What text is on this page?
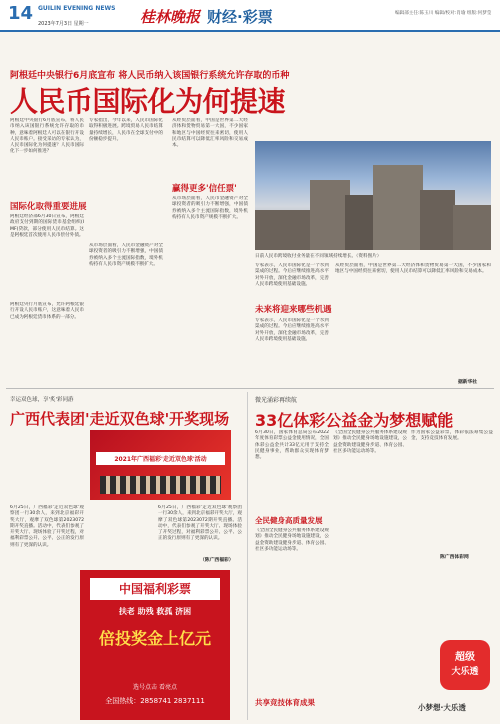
14 GUILIN EVENING NEWS
2023年7月3日 星期一	桂林晚报 财经·彩票	编辑部主任:陈玉川 编辑/校对:肖瑜 组版:何梦莹
阿根廷中央银行6月底宣布 将人民币纳入该国银行系统允许存取的币种
人民币国际化为何提速
阿根廷中央银行6月底宣布，将人民币纳入该国银行系统允许存取的币种，意味着阿根廷人可以在银行开设人民币账户。接受采访的专家认为，人民币国际化为何提速？人民币国际化下一步如何推进？
国际化取得重要进展
阿根廷经济部6月30日宣布，阿根廷政府支付到期的国际货币基金组织(IMF)贷款，部分使用人民币结算。这是阿根廷首次使用人民币偿付外债。
阿根廷央行月底宣布，允许阿根廷银行开设人民币账户，这意味着人民币已成为阿根廷货币体系的一部分。
专家指出，今年以来，人民币国际化取得积极进展。跨境贸易人民币结算量持续增长，人民币在全球支付中的份额稳步提升。
从市场层面看，人民币金融资产对全球投资者的吸引力不断增强，中国债券被纳入多个主流国际指数，境外机构持有人民币资产规模不断扩大。
从经贸层面看，中国是世界第二大经济体和货物贸易第一大国，不少国家和地区与中国经贸往来密切，使用人民币结算可以降低汇率风险和交易成本。
赢得更多'信任票'
从市场层面看，人民币金融资产对全球投资者的吸引力不断增强，中国债券被纳入多个主流国际指数，境外机构持有人民币资产规模不断扩大。
日前人民币跨境收付业务量在不同领域持续增长。（资料图片）
专家表示，人民币国际化是一个水到渠成的过程。今后应继续推进高水平对外开放，深化金融市场改革，完善人民币跨境使用基础设施。
未来将迎来哪些机遇
专家表示，人民币国际化是一个水到渠成的过程。今后应继续推进高水平对外开放，深化金融市场改革，完善人民币跨境使用基础设施。
从经贸层面看，中国是世界第二大经济体和货物贸易第一大国，不少国家和地区与中国经贸往来密切，使用人民币结算可以降低汇率风险和交易成本。
据新华社
幸运双色球，享'炙'彩同游
广西代表团'走近双色球'开奖现场
2021年广西福彩'走近双色球'活动
6月25日，广西福彩'走近双色球'观察团一行30余人，来到北京福彩开奖大厅，观摩了双色球第2023072期开奖直播。活动中，代表们参观了开奖大厅、现场体验了开奖过程，对福利彩票公开、公平、公正的发行原则有了更深的认识。
6月25日，广西福彩'走近双色球'观察团一行30余人，来到北京福彩开奖大厅，观摩了双色球第2023072期开奖直播。活动中，代表们参观了开奖大厅、现场体验了开奖过程，对福利彩票公开、公平、公正的发行原则有了更深的认识。
（陈广西福彩）
中国福利彩票
扶老 助残 救孤 济困
倍投奖金上亿元
选号点击 看亮点
全国热线：2858741 2837111
微光涌彩再续航
33亿体彩公益金为梦想赋能
6月30日，国家体育总局公布2022年度体育彩票公益金使用情况，全国体彩公益金共计33亿元用于支持全民健身事业，帮助群众实现体育梦想。
全民健身高质量发展
《全国全民健身公共服务体系建设规划》推动全民健身场地设施建设，公益金资助建设健身步道、体育公园、社区多功能运动场等。
共享竞技体育成果
《全国全民健身公共服务体系建设规划》推动全民健身场地设施建设，公益金资助建设健身步道、体育公园、社区多功能运动场等。
作为国家公益彩票，体彩依法筹集公益金，支持竞技体育发展。
陈广西体彩网
超级
大乐透
小梦想·大乐透
